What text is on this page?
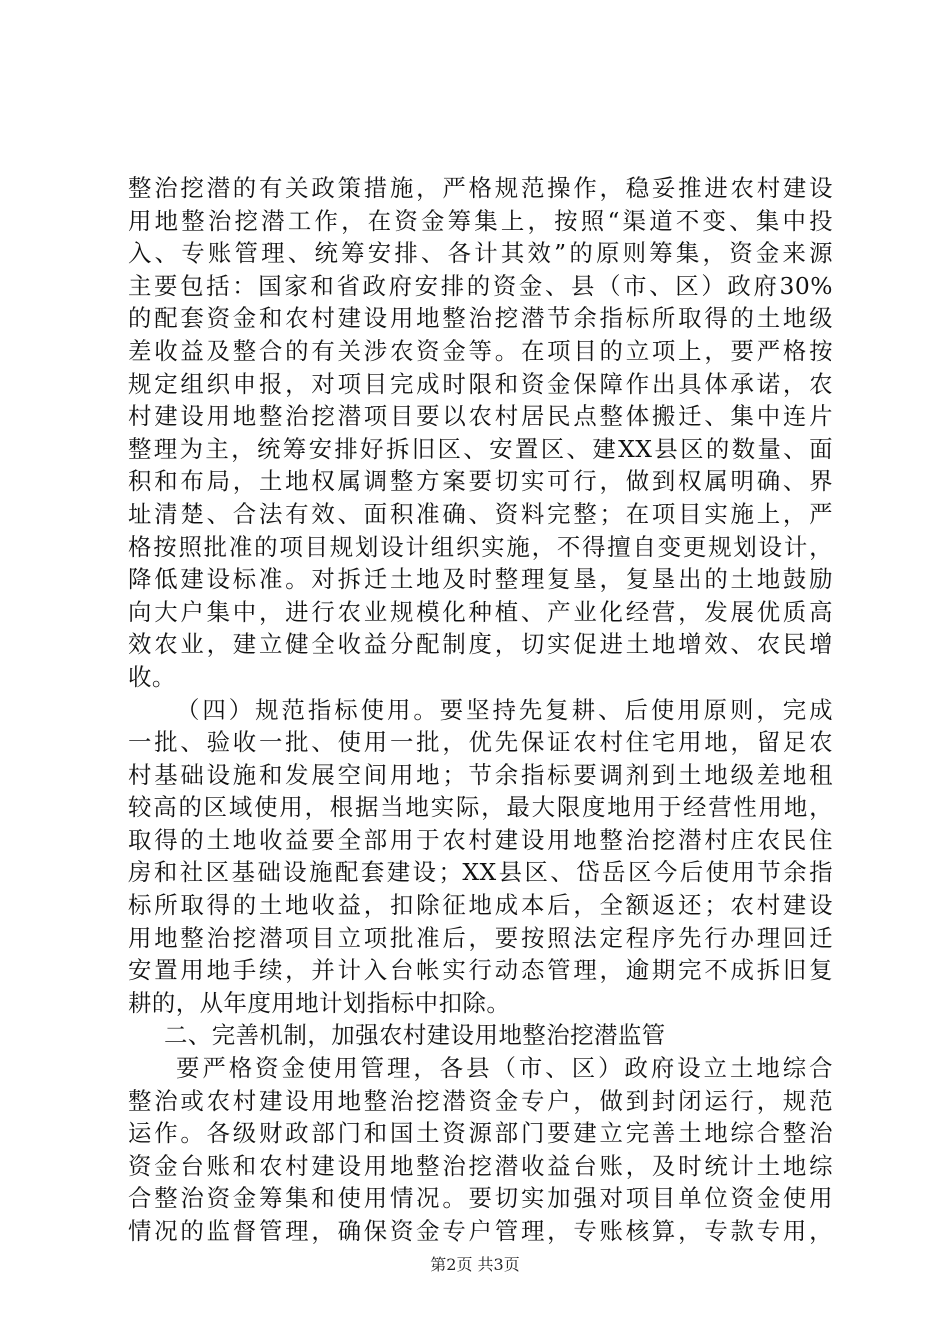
整治挖潜的有关政策措施，严格规范操作，稳妥推进农村建设
用地整治挖潜工作，在资金筹集上，按照“渠道不变、集中投
入、专账管理、统筹安排、各计其效”的原则筹集，资金来源
主要包括：国家和省政府安排的资金、县（市、区）政府30%
的配套资金和农村建设用地整治挖潜节余指标所取得的土地级
差收益及整合的有关涉农资金等。在项目的立项上，要严格按
规定组织申报，对项目完成时限和资金保障作出具体承诺，农
村建设用地整治挖潜项目要以农村居民点整体搬迁、集中连片
整理为主，统筹安排好拆旧区、安置区、建XX县区的数量、面
积和布局，土地权属调整方案要切实可行，做到权属明确、界
址清楚、合法有效、面积准确、资料完整；在项目实施上，严
格按照批准的项目规划设计组织实施，不得擅自变更规划设计，
降低建设标准。对拆迁土地及时整理复垦，复垦出的土地鼓励
向大户集中，进行农业规模化种植、产业化经营，发展优质高
效农业，建立健全收益分配制度，切实促进土地增效、农民增
收。
（四）规范指标使用。要坚持先复耕、后使用原则，完成
一批、验收一批、使用一批，优先保证农村住宅用地，留足农
村基础设施和发展空间用地；节余指标要调剂到土地级差地租
较高的区域使用，根据当地实际，最大限度地用于经营性用地，
取得的土地收益要全部用于农村建设用地整治挖潜村庄农民住
房和社区基础设施配套建设；XX县区、岱岳区今后使用节余指
标所取得的土地收益，扣除征地成本后，全额返还；农村建设
用地整治挖潜项目立项批准后，要按照法定程序先行办理回迁
安置用地手续，并计入台帐实行动态管理，逾期完不成拆旧复
耕的，从年度用地计划指标中扣除。
二、完善机制，加强农村建设用地整治挖潜监管
要严格资金使用管理，各县（市、区）政府设立土地综合
整治或农村建设用地整治挖潜资金专户，做到封闭运行，规范
运作。各级财政部门和国土资源部门要建立完善土地综合整治
资金台账和农村建设用地整治挖潜收益台账，及时统计土地综
合整治资金筹集和使用情况。要切实加强对项目单位资金使用
情况的监督管理，确保资金专户管理，专账核算，专款专用，
第2页 共3页
